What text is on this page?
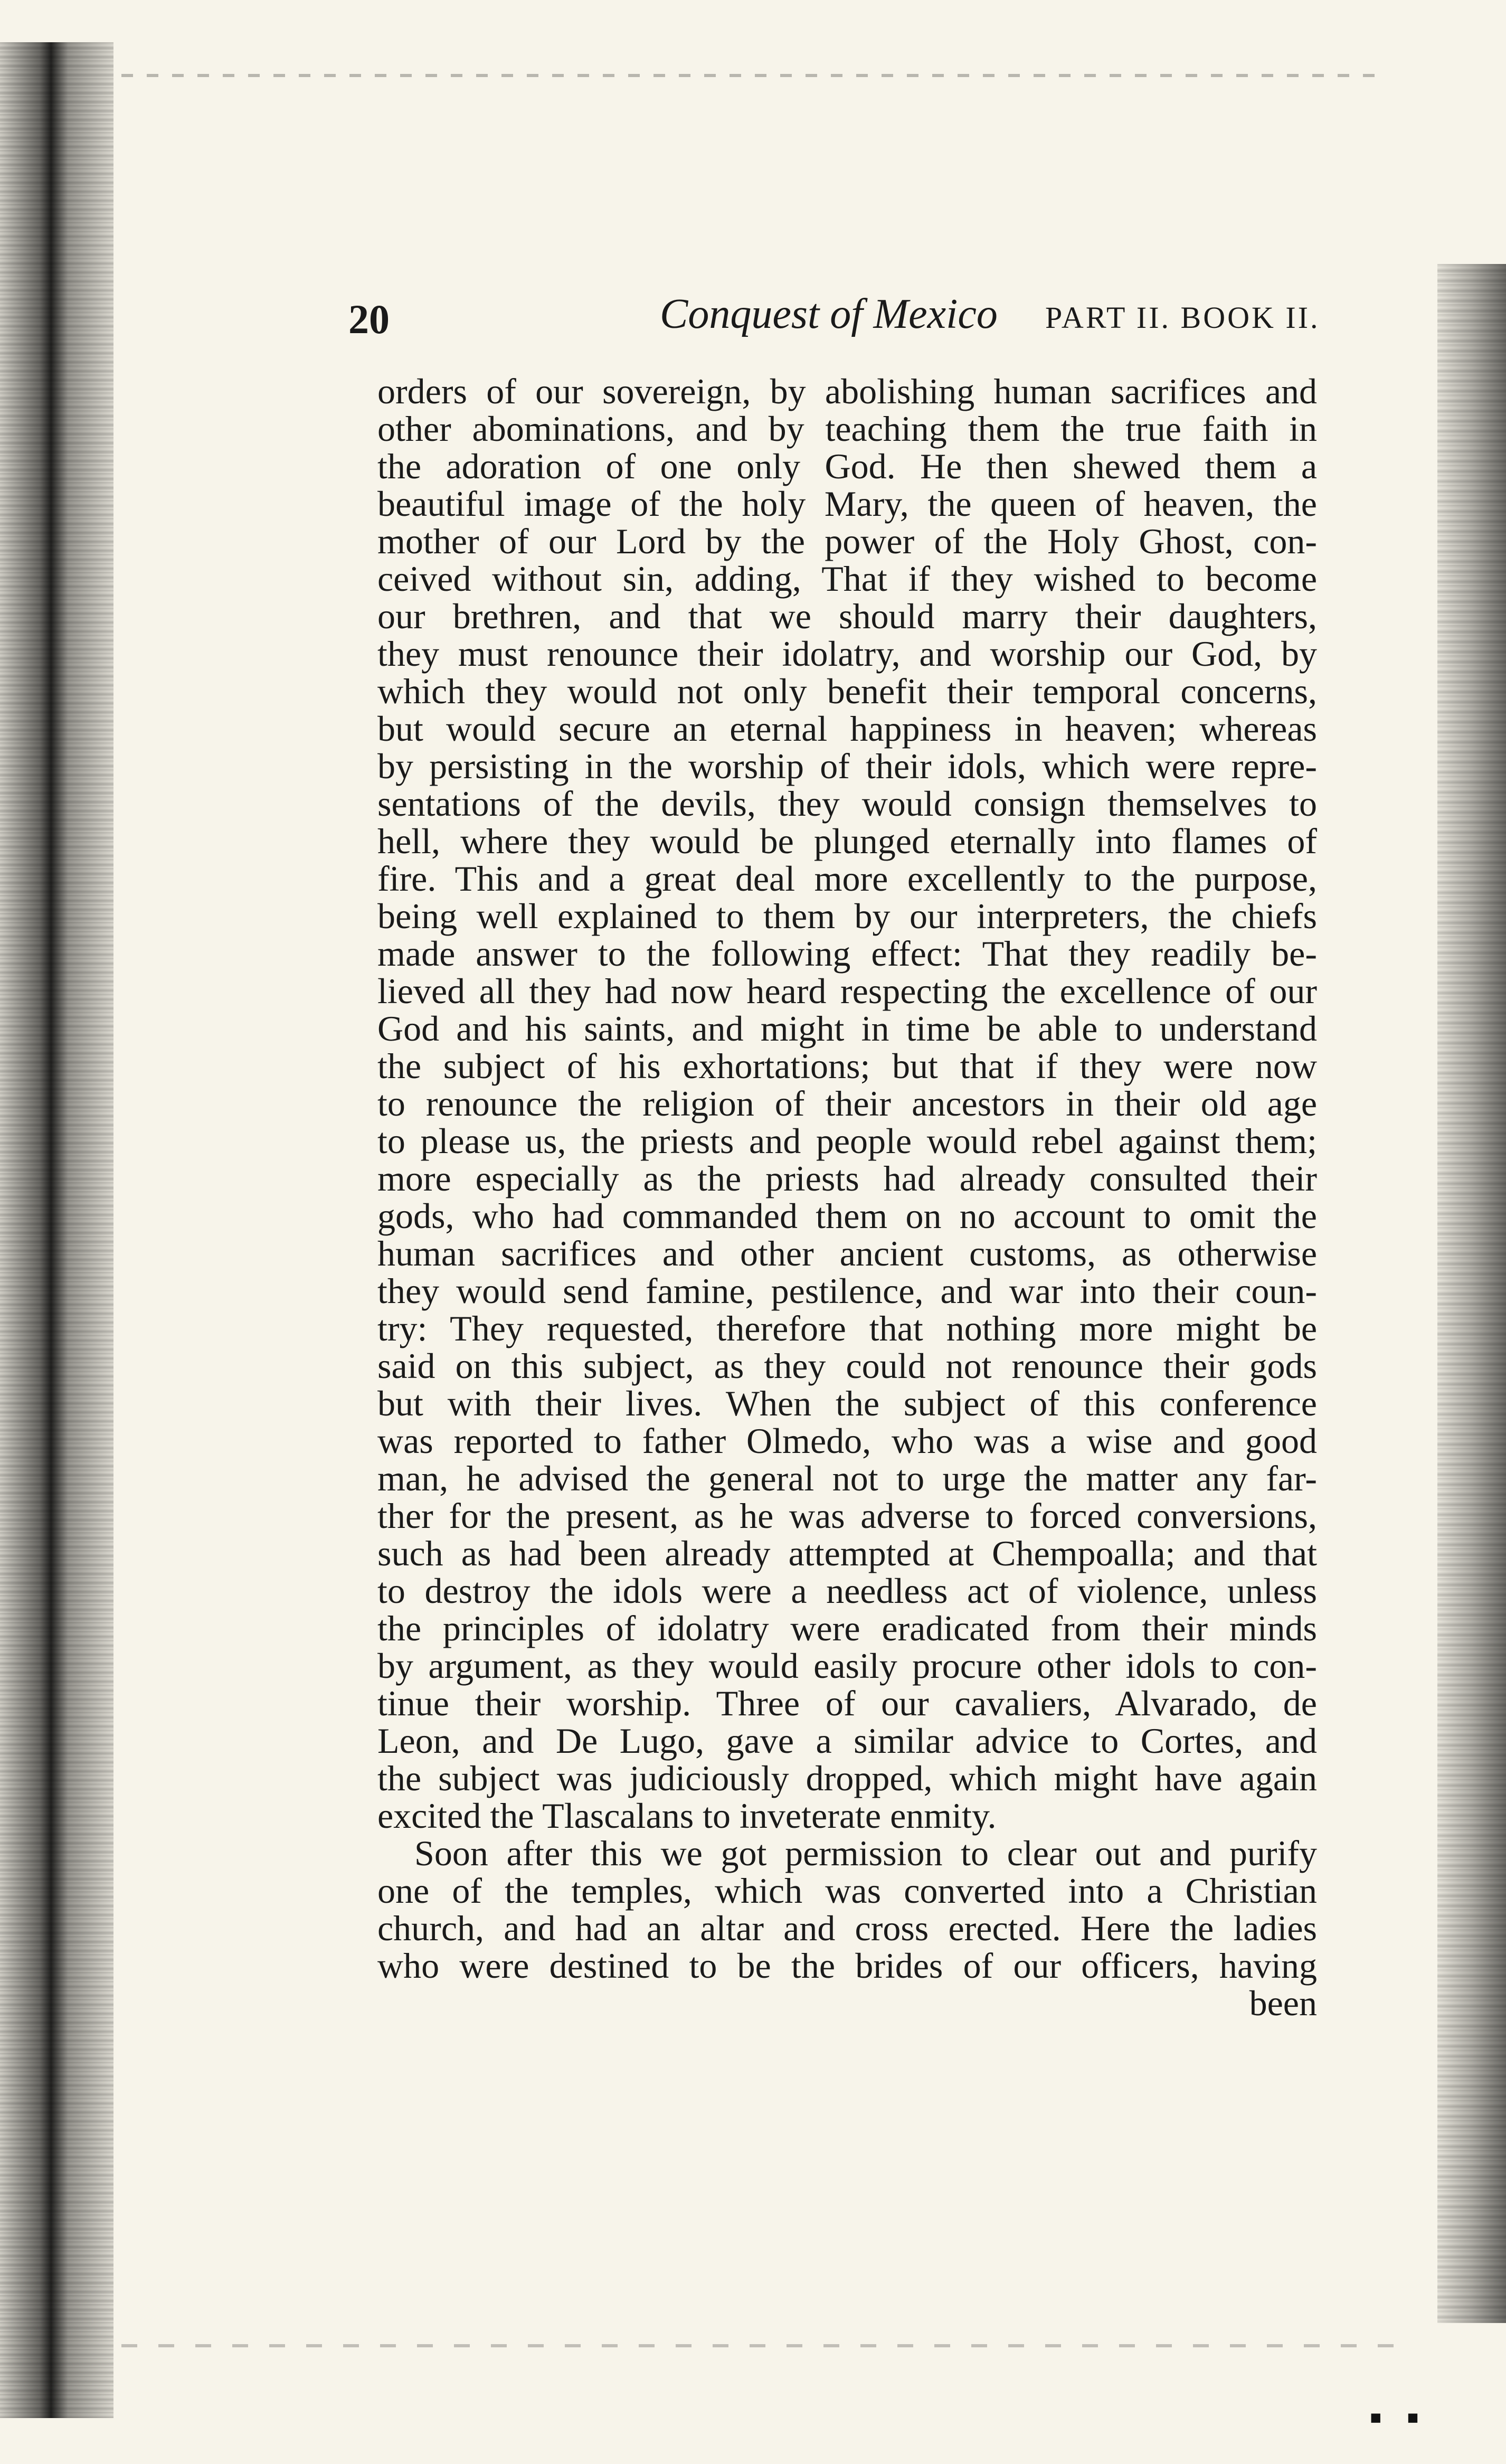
20	Conquest of Mexico PART II. BOOK II.
orders of our sovereign, by abolishing human sacrifices and
other abominations, and by teaching them the true faith in
the adoration of one only God. He then shewed them a
beautiful image of the holy Mary, the queen of heaven, the
mother of our Lord by the power of the Holy Ghost, con-
ceived without sin, adding, That if they wished to become
our brethren, and that we should marry their daughters,
they must renounce their idolatry, and worship our God, by
which they would not only benefit their temporal concerns,
but would secure an eternal happiness in heaven; whereas
by persisting in the worship of their idols, which were repre-
sentations of the devils, they would consign themselves to
hell, where they would be plunged eternally into flames of
fire. This and a great deal more excellently to the purpose,
being well explained to them by our interpreters, the chiefs
made answer to the following effect: That they readily be-
lieved all they had now heard respecting the excellence of our
God and his saints, and might in time be able to understand
the subject of his exhortations; but that if they were now
to renounce the religion of their ancestors in their old age
to please us, the priests and people would rebel against them;
more especially as the priests had already consulted their
gods, who had commanded them on no account to omit the
human sacrifices and other ancient customs, as otherwise
they would send famine, pestilence, and war into their coun-
try: They requested, therefore that nothing more might be
said on this subject, as they could not renounce their gods
but with their lives. When the subject of this conference
was reported to father Olmedo, who was a wise and good
man, he advised the general not to urge the matter any far-
ther for the present, as he was adverse to forced conversions,
such as had been already attempted at Chempoalla; and that
to destroy the idols were a needless act of violence, unless
the principles of idolatry were eradicated from their minds
by argument, as they would easily procure other idols to con-
tinue their worship. Three of our cavaliers, Alvarado, de
Leon, and De Lugo, gave a similar advice to Cortes, and
the subject was judiciously dropped, which might have again
excited the Tlascalans to inveterate enmity.
Soon after this we got permission to clear out and purify
one of the temples, which was converted into a Christian
church, and had an altar and cross erected. Here the ladies
who were destined to be the brides of our officers, having
been
▪ ▪
